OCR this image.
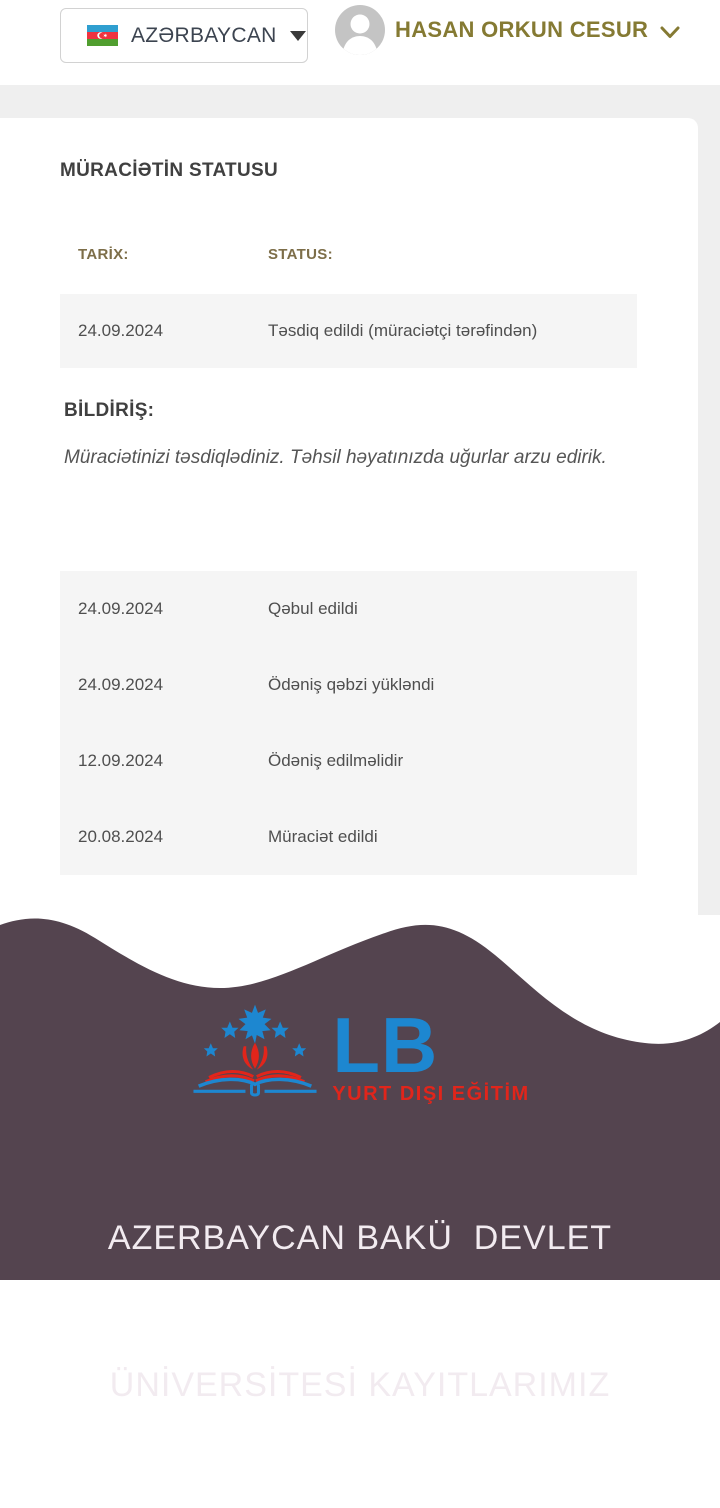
AZƏRBAYCAN	HASAN ORKUN CESUR
MÜRACİƏTİN STATUSU
TARİX:	STATUS:
24.09.2024	Təsdiq edildi (müraciətçi tərəfindən)
BİLDİRİŞ:

Müraciətinizi təsdiqlədiniz. Təhsil həyatınızda uğurlar arzu edirik.

24.09.2024	Qəbul edildi
24.09.2024	Ödəniş qəbzi yükləndi
12.09.2024	Ödəniş edilməlidir
20.08.2024	Müraciət edildi
LB
YURT DIŞI EĞİTİM

AZERBAYCAN BAKÜ  DEVLET

ÜNİVERSİTESİ KAYITLARIMIZ
